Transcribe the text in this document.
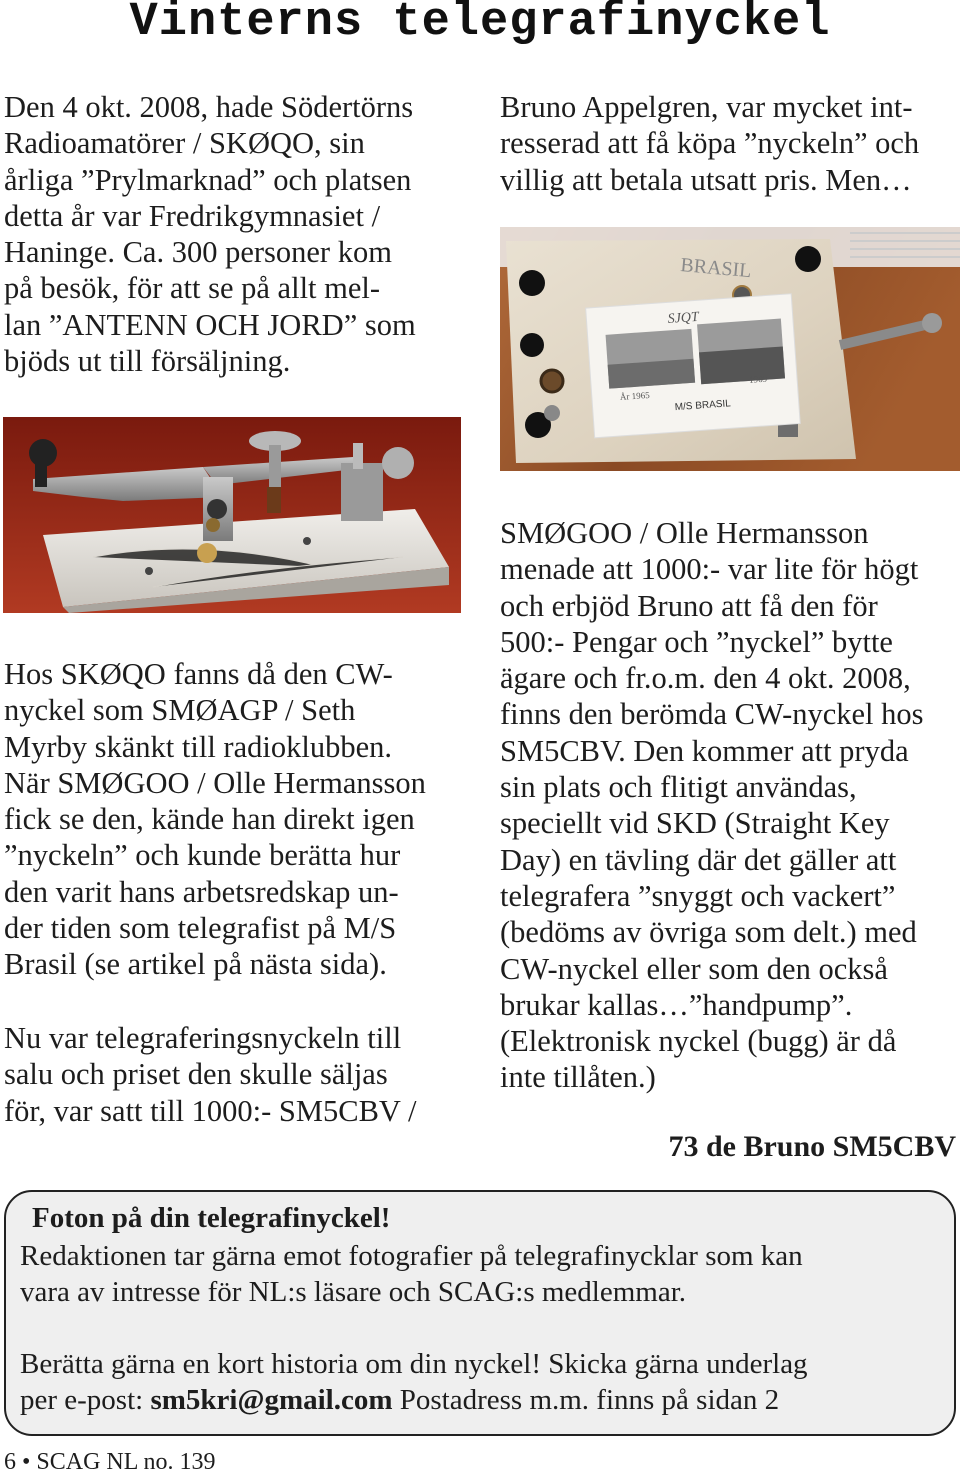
Vinterns telegrafinyckel

Den 4 okt. 2008, hade Södertörns
Radioamatörer / SKØQO, sin
årliga ”Prylmarknad” och platsen
detta år var Fredrikgymnasiet /
Haninge. Ca. 300 personer kom
på besök, för att se på allt mel-
lan ”ANTENN OCH JORD” som
bjöds ut till försäljning.

Bruno Appelgren, var mycket int-
resserad att få köpa ”nyckeln” och
villig att betala utsatt pris. Men…

BRASIL
SJQT
År 1965
1969
M/S BRASIL

Hos SKØQO fanns då den CW-
nyckel som SMØAGP / Seth
Myrby skänkt till radioklubben.
När SMØGOO / Olle Hermansson
fick se den, kände han direkt igen
”nyckeln” och kunde berätta hur
den varit hans arbetsredskap un-
der tiden som telegrafist på M/S
Brasil (se artikel på nästa sida).

Nu var telegraferingsnyckeln till
salu och priset den skulle säljas
för, var satt till 1000:- SM5CBV /

SMØGOO / Olle Hermansson
menade att 1000:- var lite för högt
och erbjöd Bruno att få den för
500:- Pengar och ”nyckel” bytte
ägare och fr.o.m. den 4 okt. 2008,
finns den berömda CW-nyckel hos
SM5CBV. Den kommer att pryda
sin plats och flitigt användas,
speciellt vid SKD (Straight Key
Day) en tävling där det gäller att
telegrafera ”snyggt och vackert”
(bedöms av övriga som delt.) med
CW-nyckel eller som den också
brukar kallas…”handpump”.
(Elektronisk nyckel (bugg) är då
inte tillåten.)

73 de Bruno SM5CBV
Foton på din telegrafinyckel!
Redaktionen tar gärna emot fotografier på telegrafinycklar som kan
vara av intresse för NL:s läsare och SCAG:s medlemmar.
Berätta gärna en kort historia om din nyckel! Skicka gärna underlag
per e-post: sm5kri@gmail.com Postadress m.m. finns på sidan 2
6 • SCAG NL no. 139
